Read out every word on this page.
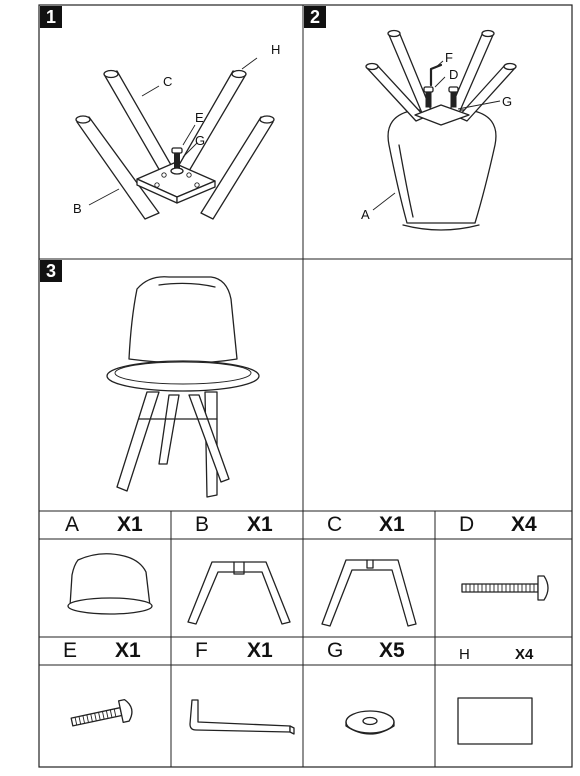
1
C
H
E
G
B
2
F
D
G
A
3
A X1 B X1	C X1	D X4
E X1	F X1	G X5	H	X4
